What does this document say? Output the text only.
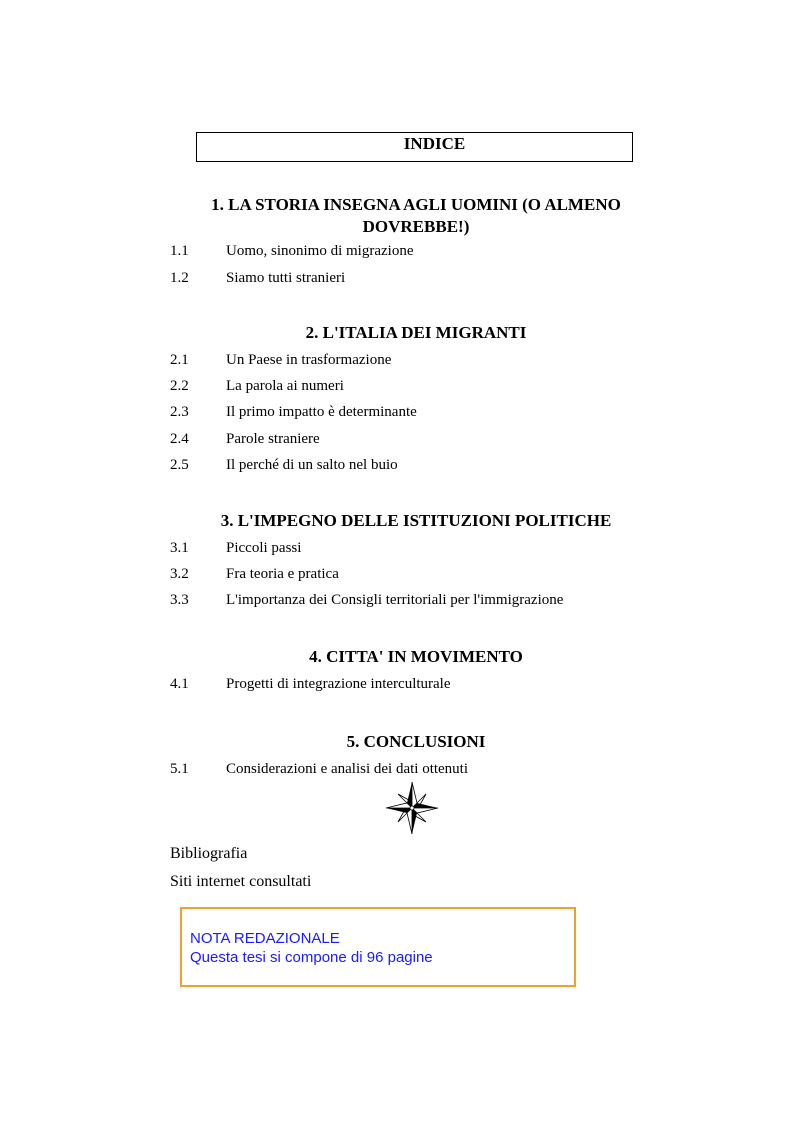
INDICE
1. LA STORIA INSEGNA AGLI UOMINI (O ALMENO
DOVREBBE!)
1.1 Uomo, sinonimo di migrazione
1.2 Siamo tutti stranieri
2. L'ITALIA DEI MIGRANTI
2.1 Un Paese in trasformazione
2.2 La parola ai numeri
2.3 Il primo impatto è determinante
2.4 Parole straniere
2.5 Il perché di un salto nel buio
3. L'IMPEGNO DELLE ISTITUZIONI POLITICHE
3.1 Piccoli passi
3.2 Fra teoria e pratica
3.3 L'importanza dei Consigli territoriali per l'immigrazione
4. CITTA' IN MOVIMENTO
4.1 Progetti di integrazione interculturale
5. CONCLUSIONI
5.1 Considerazioni e analisi dei dati ottenuti
Bibliografia
Siti internet consultati
NOTA REDAZIONALE
Questa tesi si compone di 96 pagine
